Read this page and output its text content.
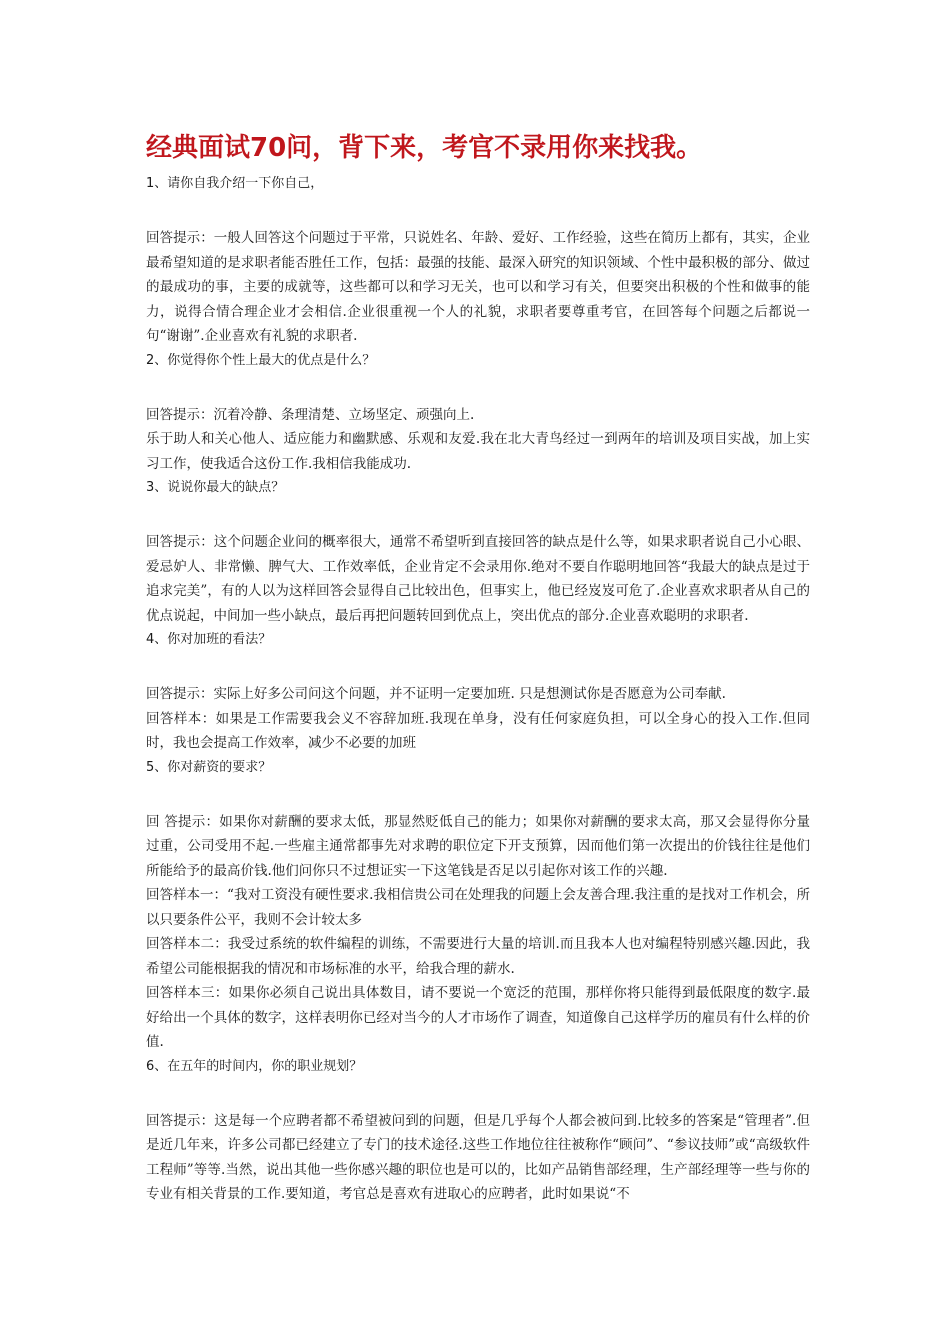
经典面试70问，背下来，考官不录用你来找我。

1、请你自我介绍一下你自己，

回答提示：一般人回答这个问题过于平常，只说姓名、年龄、爱好、工作经验，这些在简历上都有，其实，企业最希望知道的是求职者能否胜任工作，包括：最强的技能、最深入研究的知识领域、个性中最积极的部分、做过的最成功的事，主要的成就等，这些都可以和学习无关，也可以和学习有关，但要突出积极的个性和做事的能力，说得合情合理企业才会相信.企业很重视一个人的礼貌，求职者要尊重考官，在回答每个问题之后都说一句“谢谢”.企业喜欢有礼貌的求职者.

2、你觉得你个性上最大的优点是什么？

回答提示：沉着冷静、条理清楚、立场坚定、顽强向上.

乐于助人和关心他人、适应能力和幽默感、乐观和友爱.我在北大青鸟经过一到两年的培训及项目实战，加上实习工作，使我适合这份工作.我相信我能成功.

3、说说你最大的缺点？

回答提示：这个问题企业问的概率很大，通常不希望听到直接回答的缺点是什么等，如果求职者说自己小心眼、爱忌妒人、非常懒、脾气大、工作效率低，企业肯定不会录用你.绝对不要自作聪明地回答“我最大的缺点是过于追求完美”，有的人以为这样回答会显得自己比较出色，但事实上，他已经岌岌可危了.企业喜欢求职者从自己的优点说起，中间加一些小缺点，最后再把问题转回到优点上，突出优点的部分.企业喜欢聪明的求职者.

4、你对加班的看法？

回答提示：实际上好多公司问这个问题，并不证明一定要加班. 只是想测试你是否愿意为公司奉献.

回答样本：如果是工作需要我会义不容辞加班.我现在单身，没有任何家庭负担，可以全身心的投入工作.但同时，我也会提高工作效率，减少不必要的加班

5、你对薪资的要求？

回 答提示：如果你对薪酬的要求太低，那显然贬低自己的能力；如果你对薪酬的要求太高，那又会显得你分量过重，公司受用不起.一些雇主通常都事先对求聘的职位定下开支预算，因而他们第一次提出的价钱往往是他们所能给予的最高价钱.他们问你只不过想证实一下这笔钱是否足以引起你对该工作的兴趣.

回答样本一：“我对工资没有硬性要求.我相信贵公司在处理我的问题上会友善合理.我注重的是找对工作机会，所以只要条件公平，我则不会计较太多

回答样本二：我受过系统的软件编程的训练，不需要进行大量的培训.而且我本人也对编程特别感兴趣.因此，我希望公司能根据我的情况和市场标准的水平，给我合理的薪水.

回答样本三：如果你必须自己说出具体数目，请不要说一个宽泛的范围，那样你将只能得到最低限度的数字.最好给出一个具体的数字，这样表明你已经对当今的人才市场作了调查，知道像自己这样学历的雇员有什么样的价值.

6、在五年的时间内，你的职业规划？

回答提示：这是每一个应聘者都不希望被问到的问题，但是几乎每个人都会被问到.比较多的答案是“管理者”.但是近几年来，许多公司都已经建立了专门的技术途径.这些工作地位往往被称作“顾问”、“参议技师”或“高级软件工程师”等等.当然，说出其他一些你感兴趣的职位也是可以的，比如产品销售部经理，生产部经理等一些与你的专业有相关背景的工作.要知道，考官总是喜欢有进取心的应聘者，此时如果说“不
